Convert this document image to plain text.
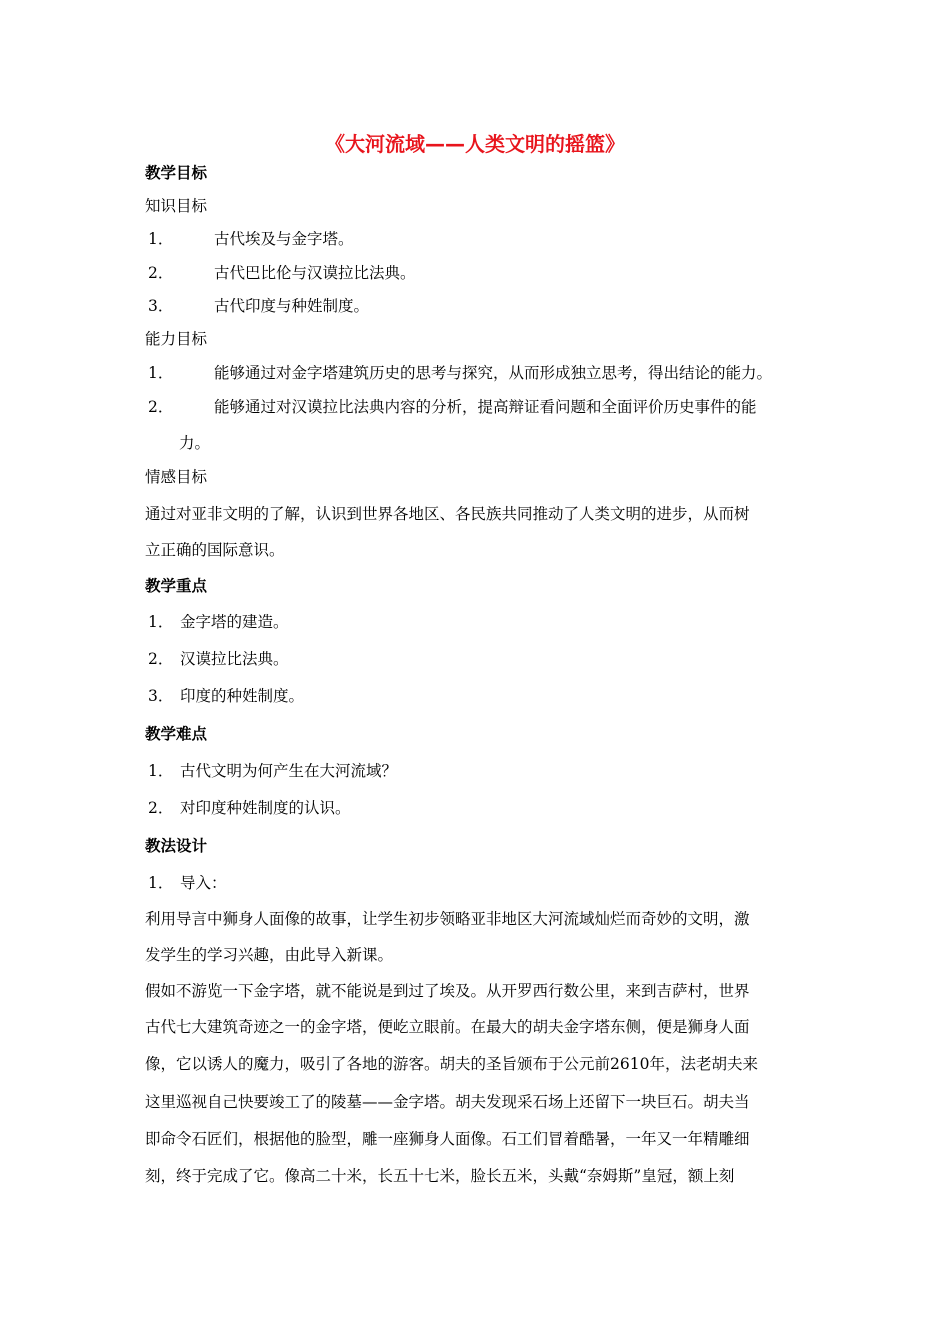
《大河流域——人类文明的摇篮》
教学目标
知识目标
1．	古代埃及与金字塔。
2．	古代巴比伦与汉谟拉比法典。
3．	古代印度与种姓制度。
能力目标
1．	能够通过对金字塔建筑历史的思考与探究，从而形成独立思考，得出结论的能力。
2．	能够通过对汉谟拉比法典内容的分析，提高辩证看问题和全面评价历史事件的能
力。
情感目标
通过对亚非文明的了解，认识到世界各地区、各民族共同推动了人类文明的进步，从而树
立正确的国际意识。
教学重点
1． 金字塔的建造。
2． 汉谟拉比法典。
3． 印度的种姓制度。
教学难点
1． 古代文明为何产生在大河流域？
2． 对印度种姓制度的认识。
教法设计
1． 导入：
利用导言中狮身人面像的故事，让学生初步领略亚非地区大河流域灿烂而奇妙的文明，激
发学生的学习兴趣，由此导入新课。
假如不游览一下金字塔，就不能说是到过了埃及。从开罗西行数公里，来到吉萨村，世界
古代七大建筑奇迹之一的金字塔，便屹立眼前。在最大的胡夫金字塔东侧，便是狮身人面
像，它以诱人的魔力，吸引了各地的游客。胡夫的圣旨颁布于公元前2610年，法老胡夫来
这里巡视自己快要竣工了的陵墓——金字塔。胡夫发现采石场上还留下一块巨石。胡夫当
即命令石匠们，根据他的脸型，雕一座狮身人面像。石工们冒着酷暑，一年又一年精雕细
刻，终于完成了它。像高二十米，长五十七米，脸长五米，头戴“奈姆斯”皇冠，额上刻
